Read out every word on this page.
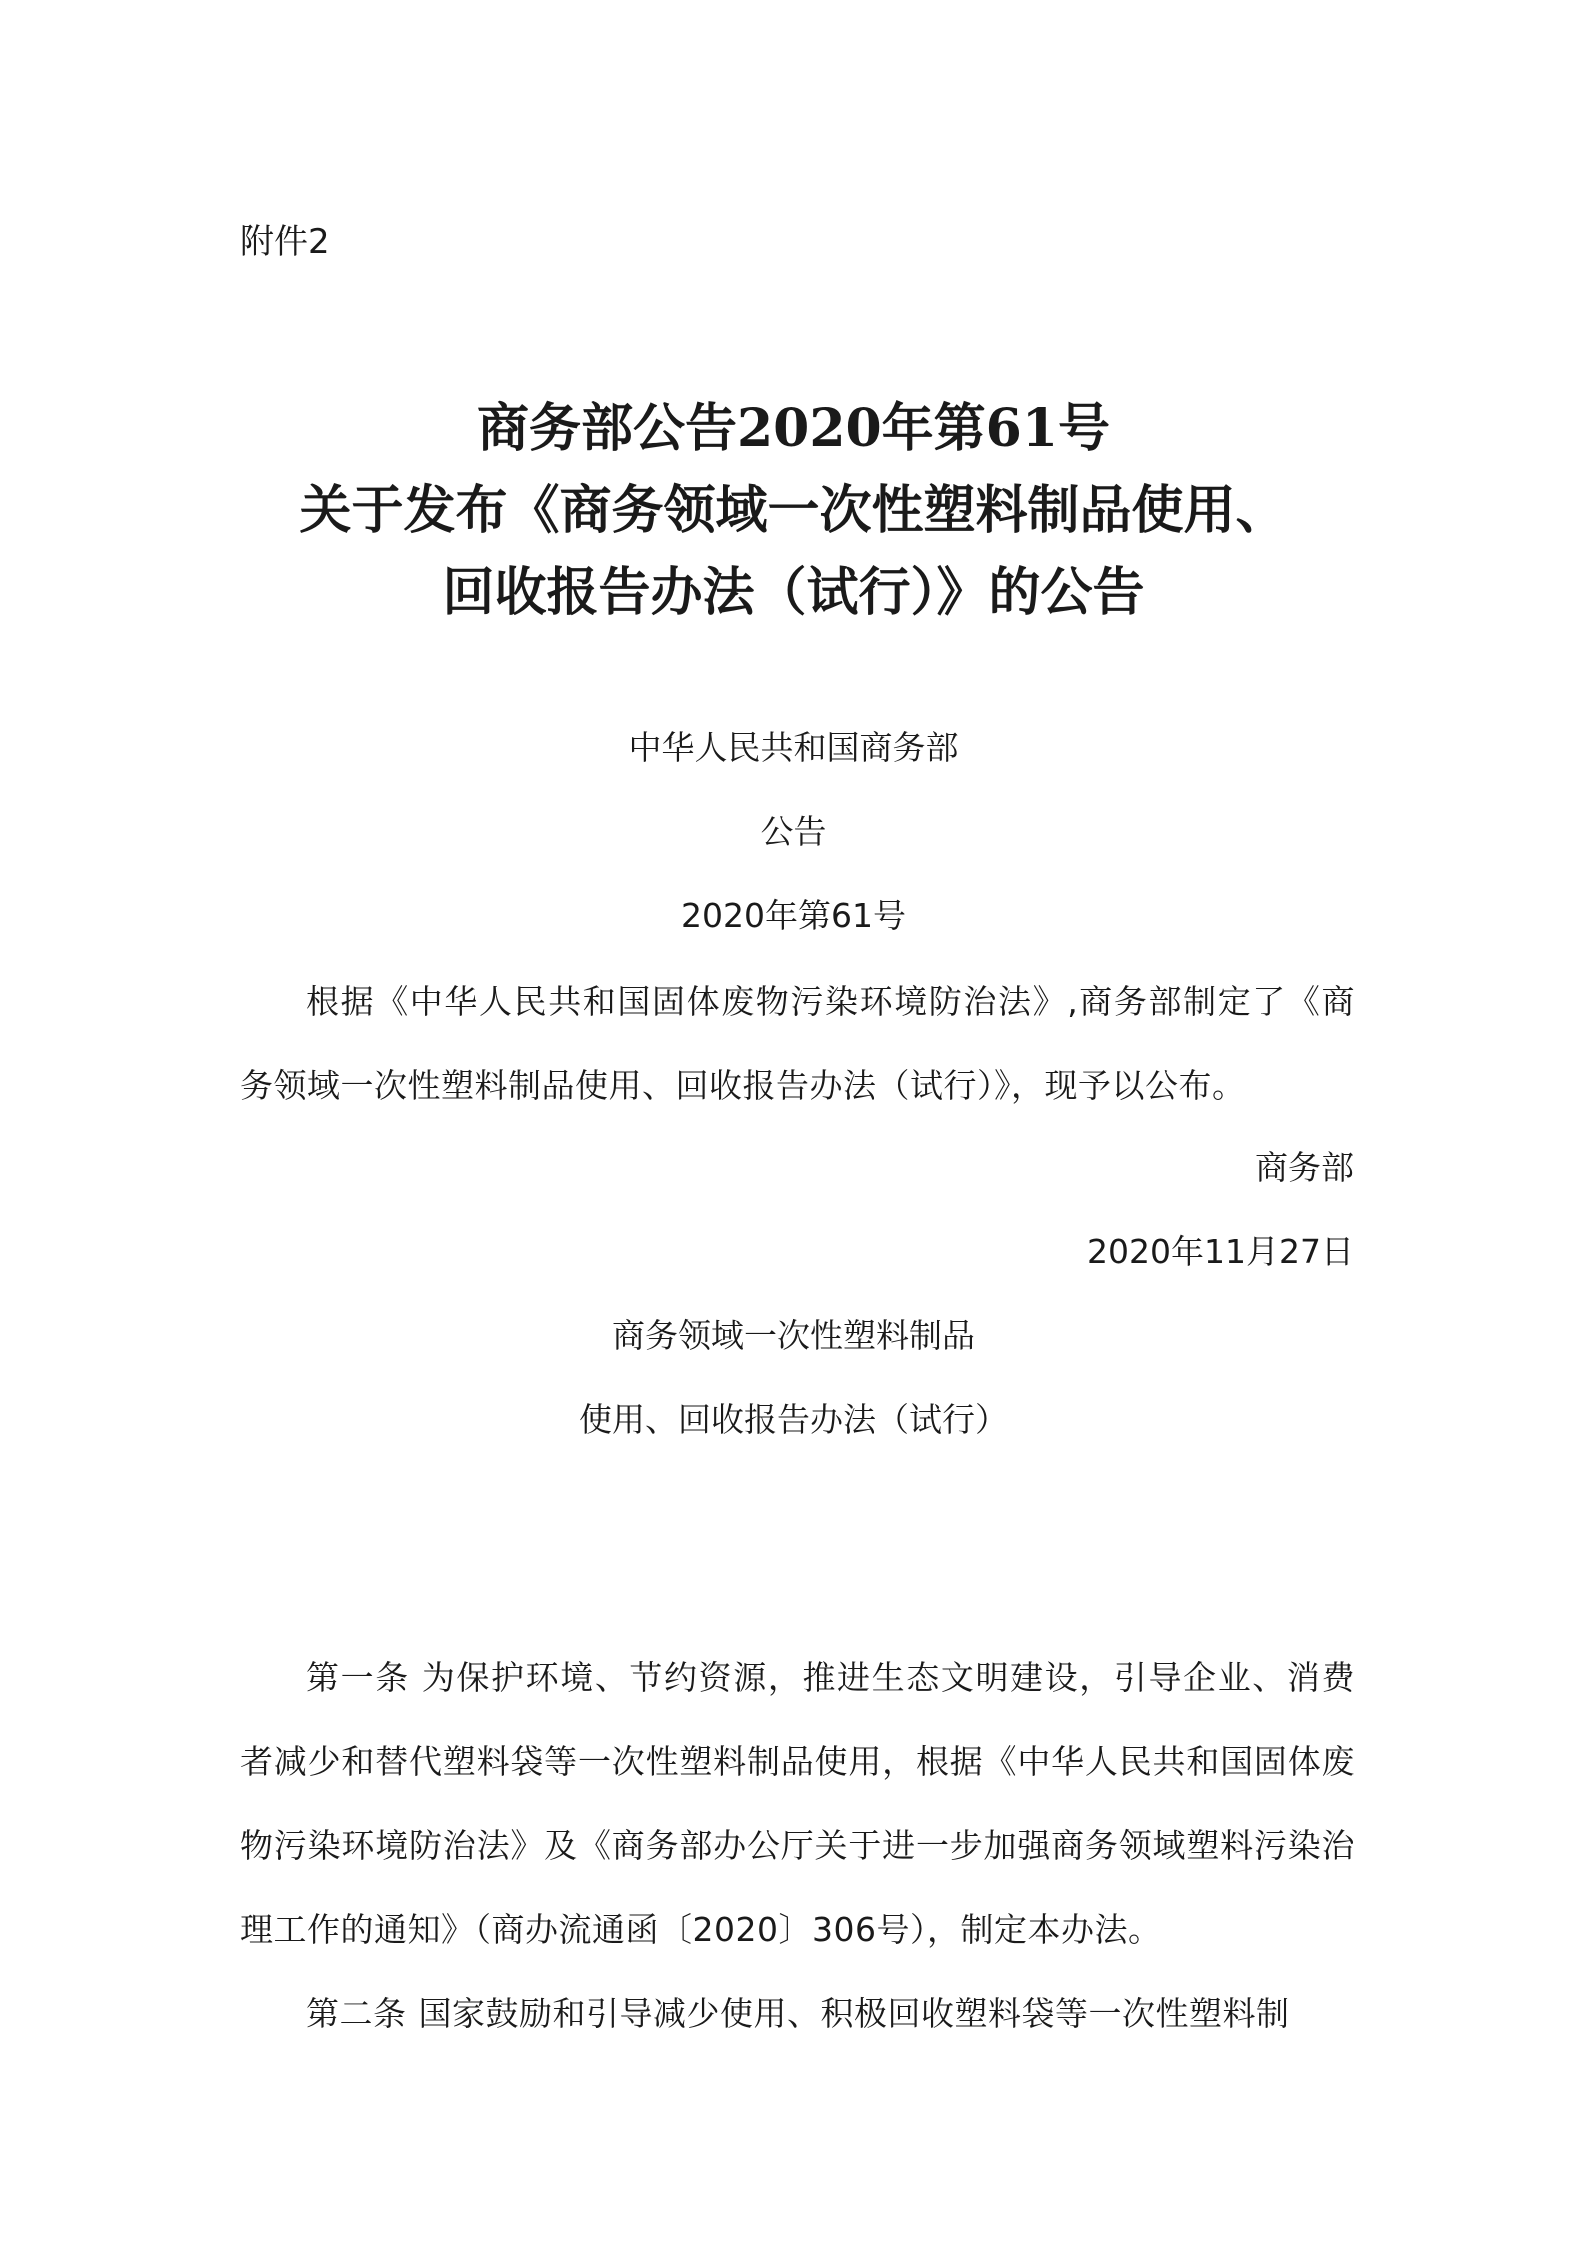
附件2
商务部公告2020年第61号
关于发布《商务领域一次性塑料制品使用、
回收报告办法（试行）》的公告
中华人民共和国商务部
公告
2020年第61号
根据《中华人民共和国固体废物污染环境防治法》,商务部制定了《商务领域一次性塑料制品使用、回收报告办法（试行）》，现予以公布。
商务部
2020年11月27日
商务领域一次性塑料制品
使用、回收报告办法（试行）
第一条 为保护环境、节约资源，推进生态文明建设，引导企业、消费者减少和替代塑料袋等一次性塑料制品使用，根据《中华人民共和国固体废物污染环境防治法》及《商务部办公厅关于进一步加强商务领域塑料污染治理工作的通知》（商办流通函〔2020〕306号），制定本办法。
第二条 国家鼓励和引导减少使用、积极回收塑料袋等一次性塑料制
